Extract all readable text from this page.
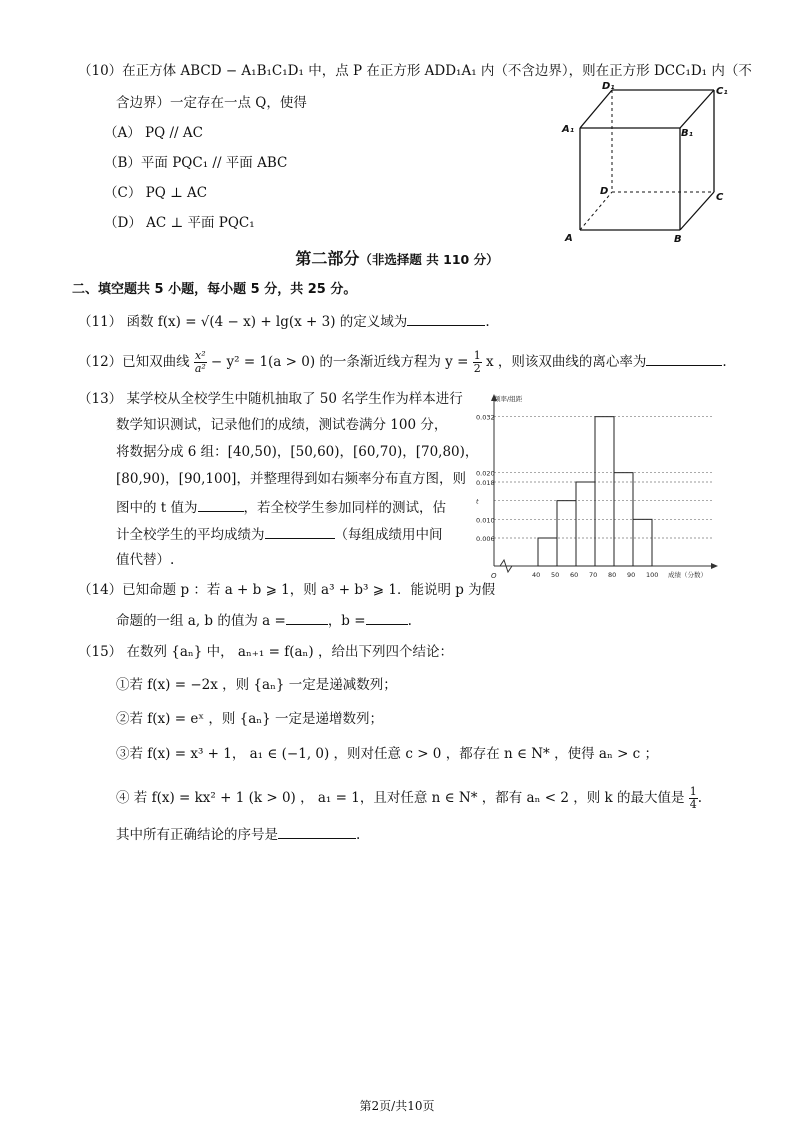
（10）在正方体 ABCD − A₁B₁C₁D₁ 中，点 P 在正方形 ADD₁A₁ 内（不含边界），则在正方形 DCC₁D₁ 内（不
含边界）一定存在一点 Q，使得
（A） PQ // AC
（B）平面 PQC₁ // 平面 ABC
（C） PQ ⊥ AC
（D） AC ⊥ 平面 PQC₁
D₁	C₁
A₁	B₁
D
C
A	B
第二部分（非选择题 共 110 分）
二、填空题共 5 小题，每小题 5 分，共 25 分。
（11） 函数 f(x) = √(4 − x) + lg(x + 3) 的定义域为	.
（12）已知双曲线 $\frac{\text{x²}}{\text{a²}} - y^2 = 1(a > 0)$ 的一条渐近线方程为 $y = \frac{1}{2}$ x ，则该双曲线的离心率为	.
（13） 某学校从全校学生中随机抽取了 50 名学生作为样本进行
数学知识测试，记录他们的成绩，测试卷满分 100 分，
将数据分成 6 组：[40,50)，[50,60)，[60,70)，[70,80)，
[80,90)，[90,100]，并整理得到如右频率分布直方图，则
图中的 t 值为	，若全校学生参加同样的测试，估
计全校学生的平均成绩为	（每组成绩用中间
值代替）.
0.006
0.010
t
0.018
0.020
0.032
40 50 60 70 80 90 100
频率/组距
成绩（分数）
O
（14）已知命题 p ：若 a + b ⩾ 1，则 a³ + b³ ⩾ 1．能说明 p 为假
命题的一组 a, b 的值为 a =	，b =	.
（15） 在数列 {aₙ} 中， aₙ₊₁ = f(aₙ) ，给出下列四个结论：
①若 f(x) = −2x ，则 {aₙ} 一定是递减数列；
②若 f(x) = eˣ ，则 {aₙ} 一定是递增数列；
③若 f(x) = x³ + 1， a₁ ∈ (−1, 0) ，则对任意 c > 0 ，都存在 n ∈ N* ，使得 aₙ > c ；
④ 若 f(x) = kx² + 1 (k > 0) ， a₁ = 1，且对任意 n ∈ N* ，都有 aₙ < 2 ，则 k 的最大值是 $\frac{1}{4}$ .
其中所有正确结论的序号是	.
第2页/共10页
